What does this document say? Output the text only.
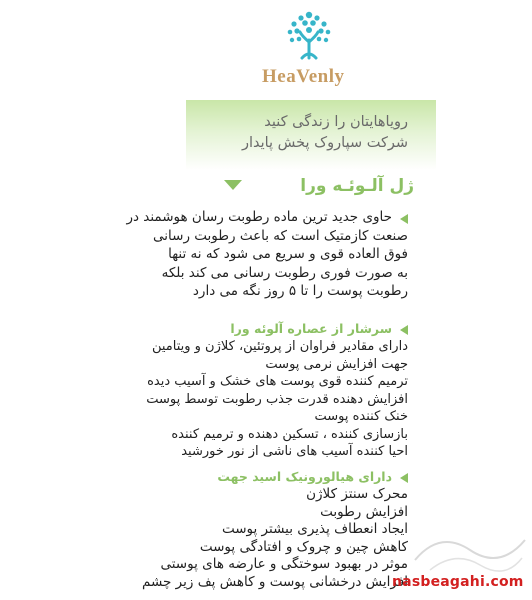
HeaVenly
رویاهایتان را زندگی کنید
شرکت سپاروک پخش پایدار
ژل آلـوئـه ورا
حاوی جدید ترین ماده رطوبت رسان هوشمند در
صنعت کازمتیک است که باعث رطوبت رسانی
فوق العاده قوی و سریع می شود که نه تنها
به صورت فوری رطوبت رسانی می کند بلکه
رطوبت پوست را تا ۵ روز نگه می دارد
سرشار از عصاره آلوئه ورا
دارای مقادیر فراوان از پروتئین، کلاژن و ویتامین
جهت افزایش نرمی پوست
ترمیم کننده قوی پوست های خشک و آسیب دیده
افزایش دهنده قدرت جذب رطوبت توسط پوست
خنک کننده پوست
بازسازی کننده ، تسکین دهنده و ترمیم کننده
احیا کننده آسیب های ناشی از نور خورشید
دارای هیالورونیک اسید جهت
محرک سنتز کلاژن
افزایش رطوبت
ایجاد انعطاف پذیری بیشتر پوست
کاهش چین و چروک و افتادگی پوست
موثر در بهبود سوختگی و عارضه های پوستی
افزایش درخشانی پوست و کاهش پف زیر چشم
nasbeagahi.com
